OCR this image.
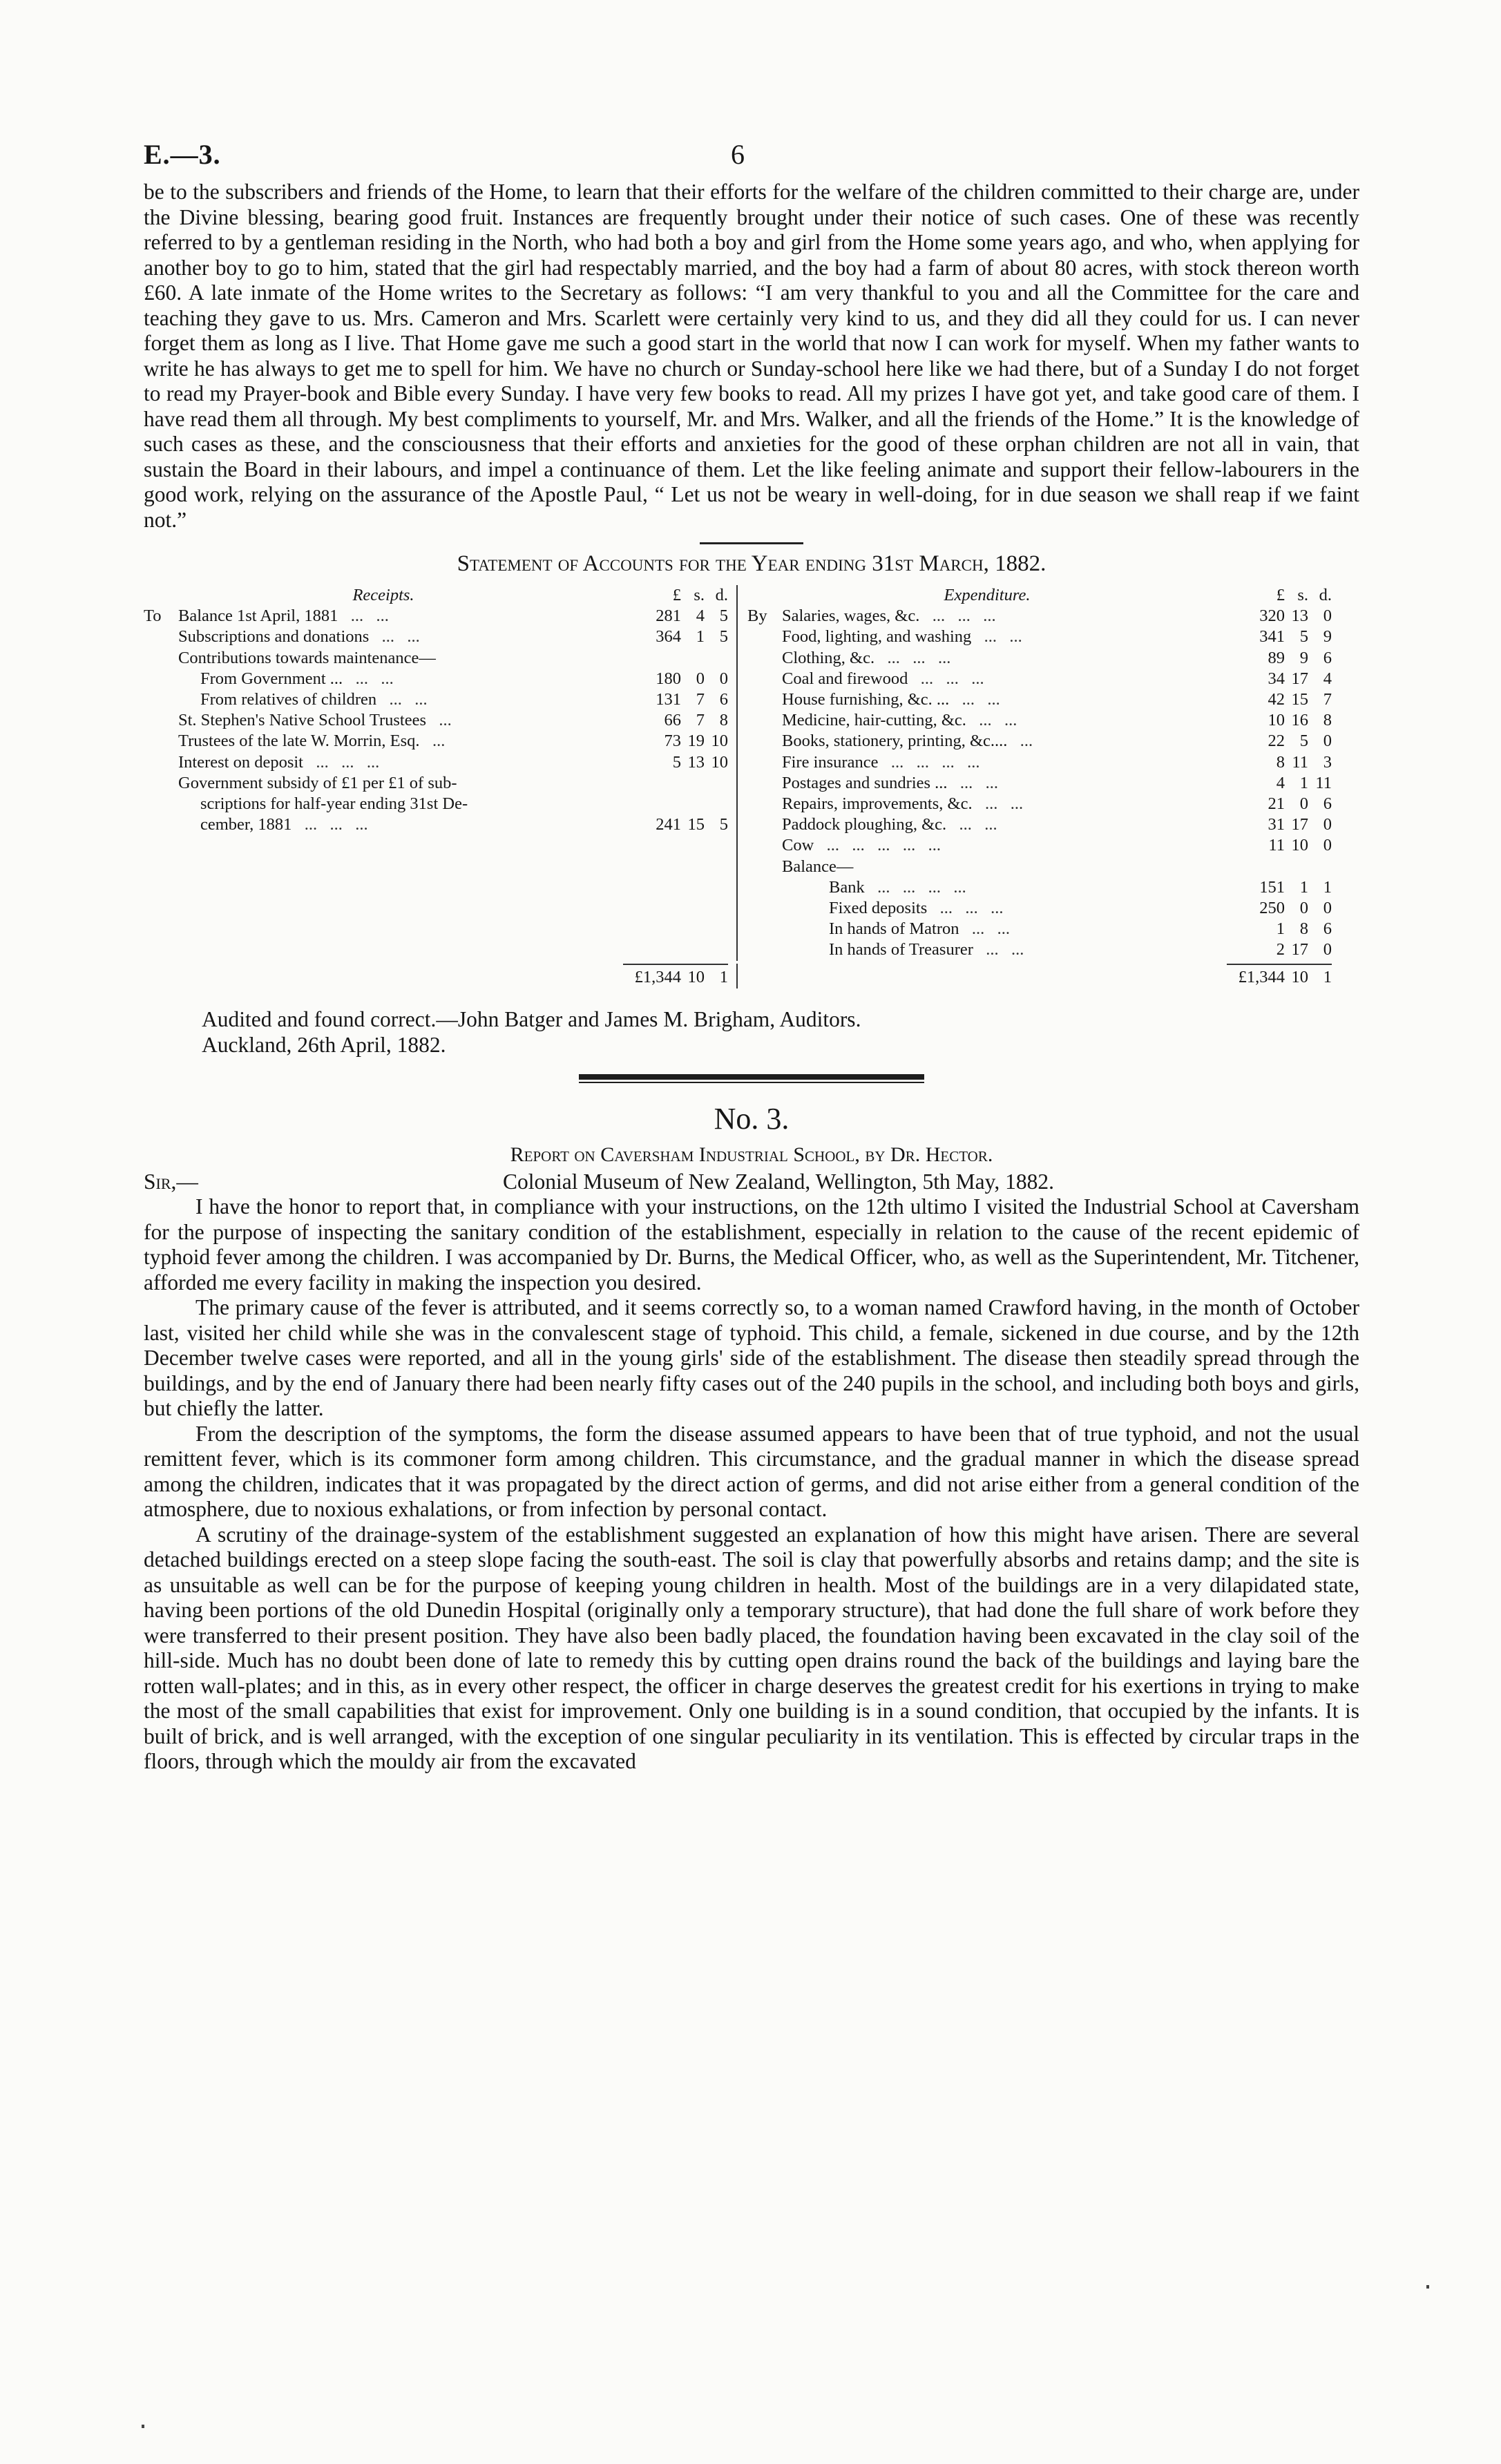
E.—3.	6

be to the subscribers and friends of the Home, to learn that their efforts for the welfare of the children committed to their charge are, under the Divine blessing, bearing good fruit. Instances are frequently brought under their notice of such cases. One of these was recently referred to by a gentleman residing in the North, who had both a boy and girl from the Home some years ago, and who, when applying for another boy to go to him, stated that the girl had respectably married, and the boy had a farm of about 80 acres, with stock thereon worth £60. A late inmate of the Home writes to the Secretary as follows: “I am very thankful to you and all the Committee for the care and teaching they gave to us. Mrs. Cameron and Mrs. Scarlett were certainly very kind to us, and they did all they could for us. I can never forget them as long as I live. That Home gave me such a good start in the world that now I can work for myself. When my father wants to write he has always to get me to spell for him. We have no church or Sunday-school here like we had there, but of a Sunday I do not forget to read my Prayer-book and Bible every Sunday. I have very few books to read. All my prizes I have got yet, and take good care of them. I have read them all through. My best compliments to yourself, Mr. and Mrs. Walker, and all the friends of the Home.” It is the knowledge of such cases as these, and the consciousness that their efforts and anxieties for the good of these orphan children are not all in vain, that sustain the Board in their labours, and impel a continuance of them. Let the like feeling animate and support their fellow-labourers in the good work, relying on the assurance of the Apostle Paul, “ Let us not be weary in well-doing, for in due season we shall reap if we faint not.”

Statement of Accounts for the Year ending 31st March, 1882.
Receipts.	£ s. d.
To Balance 1st April, 1881   ...   ...	281 4 5
Subscriptions and donations   ...   ...	364 1 5
Contributions towards maintenance—
From Government ...   ...   ...	180 0 0
From relatives of children   ...   ...	131 7 6
St. Stephen's Native School Trustees   ...	66 7 8
Trustees of the late W. Morrin, Esq.   ...	73 19 10
Interest on deposit   ...   ...   ...	5 13 10
Government subsidy of £1 per £1 of sub-
scriptions for half-year ending 31st De-
cember, 1881   ...   ...   ...	241 15 5
Expenditure.	£ s. d.
By Salaries, wages, &c.   ...   ...   ...	320 13 0
Food, lighting, and washing   ...   ...	341 5 9
Clothing, &c.   ...   ...   ...	89 9 6
Coal and firewood   ...   ...   ...	34 17 4
House furnishing, &c. ...   ...   ...	42 15 7
Medicine, hair-cutting, &c.   ...   ...	10 16 8
Books, stationery, printing, &c....   ...	22 5 0
Fire insurance   ...   ...   ...   ...	8 11 3
Postages and sundries ...   ...   ...	4 1 11
Repairs, improvements, &c.   ...   ...	21 0 6
Paddock ploughing, &c.   ...   ...	31 17 0
Cow   ...   ...   ...   ...   ...	11 10 0
Balance—
Bank   ...   ...   ...   ...	151 1 1
Fixed deposits   ...   ...   ...	250 0 0
In hands of Matron   ...   ...	1 8 6
In hands of Treasurer   ...   ...	2 17 0
£1,344 10 1	£1,344 10 1
Audited and found correct.—John Batger and James M. Brigham, Auditors.
Auckland, 26th April, 1882.
No. 3.
Report on Caversham Industrial School, by Dr. Hector.
Sir,—	Colonial Museum of New Zealand, Wellington, 5th May, 1882.

I have the honor to report that, in compliance with your instructions, on the 12th ultimo I visited the Industrial School at Caversham for the purpose of inspecting the sanitary condition of the establishment, especially in relation to the cause of the recent epidemic of typhoid fever among the children. I was accompanied by Dr. Burns, the Medical Officer, who, as well as the Superintendent, Mr. Titchener, afforded me every facility in making the inspection you desired.

The primary cause of the fever is attributed, and it seems correctly so, to a woman named Crawford having, in the month of October last, visited her child while she was in the convalescent stage of typhoid. This child, a female, sickened in due course, and by the 12th December twelve cases were reported, and all in the young girls' side of the establishment. The disease then steadily spread through the buildings, and by the end of January there had been nearly fifty cases out of the 240 pupils in the school, and including both boys and girls, but chiefly the latter.

From the description of the symptoms, the form the disease assumed appears to have been that of true typhoid, and not the usual remittent fever, which is its commoner form among children. This circumstance, and the gradual manner in which the disease spread among the children, indicates that it was propagated by the direct action of germs, and did not arise either from a general condition of the atmosphere, due to noxious exhalations, or from infection by personal contact.

A scrutiny of the drainage-system of the establishment suggested an explanation of how this might have arisen. There are several detached buildings erected on a steep slope facing the south-east. The soil is clay that powerfully absorbs and retains damp; and the site is as unsuitable as well can be for the purpose of keeping young children in health. Most of the buildings are in a very dilapidated state, having been portions of the old Dunedin Hospital (originally only a temporary structure), that had done the full share of work before they were transferred to their present position. They have also been badly placed, the foundation having been excavated in the clay soil of the hill-side. Much has no doubt been done of late to remedy this by cutting open drains round the back of the buildings and laying bare the rotten wall-plates; and in this, as in every other respect, the officer in charge deserves the greatest credit for his exertions in trying to make the most of the small capabilities that exist for improvement. Only one building is in a sound condition, that occupied by the infants. It is built of brick, and is well arranged, with the exception of one singular peculiarity in its ventilation. This is effected by circular traps in the floors, through which the mouldy air from the excavated
